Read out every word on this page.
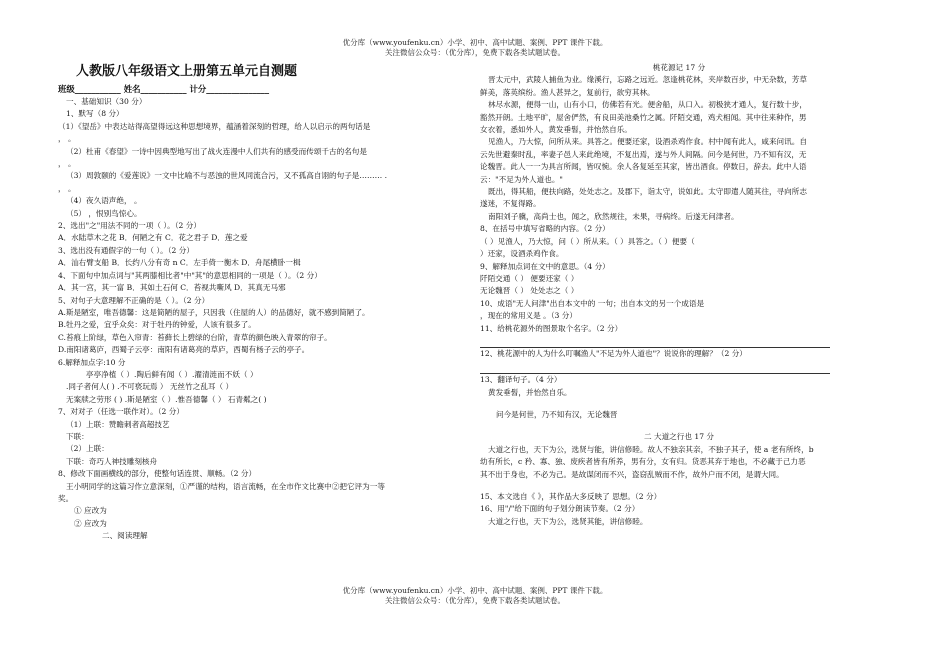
优分库（www.youfenku.cn）小学、初中、高中试题、案例、PPT 课件下载。
关注微信公众号：（优分库），免费下载各类试题试卷。
人教版八年级语文上册第五单元自测题
班级___________ 姓名___________ 计分_______________
一、基础知识（30 分）
1、默写（8 分）
（1）《望岳》中表达站得高望得远这种思想境界，蕴涵着深刻的哲理，给人以启示的两句话是
， 。
（2）杜甫《春望》一诗中因典型地写出了战火连漫中人们共有的感受而传颂千古的名句是
， 。
（3）周敦颐的《爱莲说》一文中比喻不与恶浊的世风同流合污，又不孤高自诩的句子是……… .
， 。
（4）夜久语声绝， 。
（5） ，恨别鸟惊心。
2、选出"之"用法不同的一项（ ）。（2 分）
A．水陆草木之花 B．何陋之有 C．花之君子 D．莲之爱
3、选出没有通假字的一句（ ）。（2 分）
A．汕右臂支船 B．长约八分有奇 n C．左手倚一衡木 D．舟尾横卧一楫
4、下面句中加点词与"其两膝相比者"中"其"的意思相同的一项是（ ）。（2 分）
A．其一宫，其一富 B．其如土石何 C．苔视共嘶风 D．其真无马邪
5、对句子大意理解不正确的是（ ）。（2 分）
A.斯是陋室，唯吾德馨：这是简陋的屋子，只因我（住屋的人）的品德好，就不感到简陋了。
B.牡丹之爱，宜乎众矣：对于牡丹的钟爱，人该有很多了。
C.苔痕上阶绿，草色入帘青：苔藓长上碧绿的台阶，青草的颜色映入青翠的帘子。
D.南阳诸葛庐，西蜀子云亭：南阳有诸葛亮的草庐，西蜀有杨子云的亭子。
6.解释加点字:10 分
亭亭净植（ ）.陶后鲜有闻（ ）.濯清涟而不妖（ ）
.同子者何人( ) .不可亵玩焉 ） 无丝竹之乱耳（ ）
无案牍之劳形 ( ) .斯是陋室（ ）.惟吾德馨（ ） 石青粼之( )
7、对对子（任选一联作对）。（2 分）
（1）上联：赞瞻刺者高超技艺
下联：
（2）上联：
下联：奇巧人神技雕刻核舟
8、修改下面画横线的部分，使整句话连贯、顺畅。（2 分）
王小明同学的这篇习作立意深刻，①严谨的结构，语言流畅，在全市作文比赛中②把它评为一等
奖。
① 应改为
② 应改为
二、阅读理解
桃花源记 17 分
晋太元中，武陵人捕鱼为业。缘溪行，忘路之远近。忽逢桃花林，夹岸数百步，中无杂数，芳草
鲜美，落英缤纷。渔人甚异之，复前行，欲穷其林。
林尽水源，便得一山，山有小口，仿佛若有光。便舍船，从口入。初极狭才通人，复行数十步，
豁然开朗。土地平旷，屋舍俨然，有良田美池桑竹之属。阡陌交通，鸡犬相闻。其中往来种作，男
女衣着，悉如外人，黄发垂髫，并怡然自乐。
见渔人，乃大惊，问所从来。具答之。便要还家，设酒杀鸡作食。村中闻有此人，咸来问讯。自
云先世避秦时乱，率妻子邑人来此绝境，不复出焉，遂与外人间隔。问今是何世，乃不知有汉，无
论魏晋。此人一一为具言所闻，皆叹惋。余人各复延至其家，皆出酒食。停数日，辞去。此中人语
云："不足为外人道也。"
既出，得其船，便扶向路，处处志之。及郡下，诣太守，说如此。太守即遣人随其往，寻向所志
遂迷，不复得路。
南阳刘子骥，高尚士也，闻之，欣然规往，未果，寻病终。后遂无问津者。
8、在括号中填写省略的内容。（2 分）
（ ）见渔人，乃大惊，问（ ）所从来。（ ）具答之。（ ）便要（
）还家，设酒杀鸡作食。
9、解释加点词在文中的意思。（4 分）
阡陌交通（ ） 便要还家（ ）
无论魏晋（ ） 处处志之（ ）
10、成语"无人问津"出自本文中的 一句；出自本文的另一个成语是
，现在的常用义是 。（3 分）
11、给桃花源外的图景取个名字。（2 分）
12、桃花源中的人为什么叮嘱渔人"不足为外人道也"？说说你的理解？（2 分）
13、翻译句子。（4 分）
黄发垂髫，并怡然自乐。
问今是何世，乃不知有汉，无论魏晋
二 大道之行也 17 分
大道之行也，天下为公，选贤与能，讲信修睦。故人不独亲其亲，不独子其子，使 a 老有所终，b
幼有所长，c 矜、寡、独、废疾者皆有所养，男有分，女有归。货恶其弃于地也，不必藏于己力恶
其不出于身也，不必为己。是故谋闭而不兴，盗窃乱贼而不作，故外户而不闭，是谓大同。
15、本文选自《 》，其作品大多反映了 思想。（2 分）
16、用"/"给下面的句子划分朗读节奏。（2 分）
大道之行也，天下为公，选贤其能，讲信修睦。
优分库（www.youfenku.cn）小学、初中、高中试题、案例、PPT 课件下载。
关注微信公众号：（优分库），免费下载各类试题试卷。
